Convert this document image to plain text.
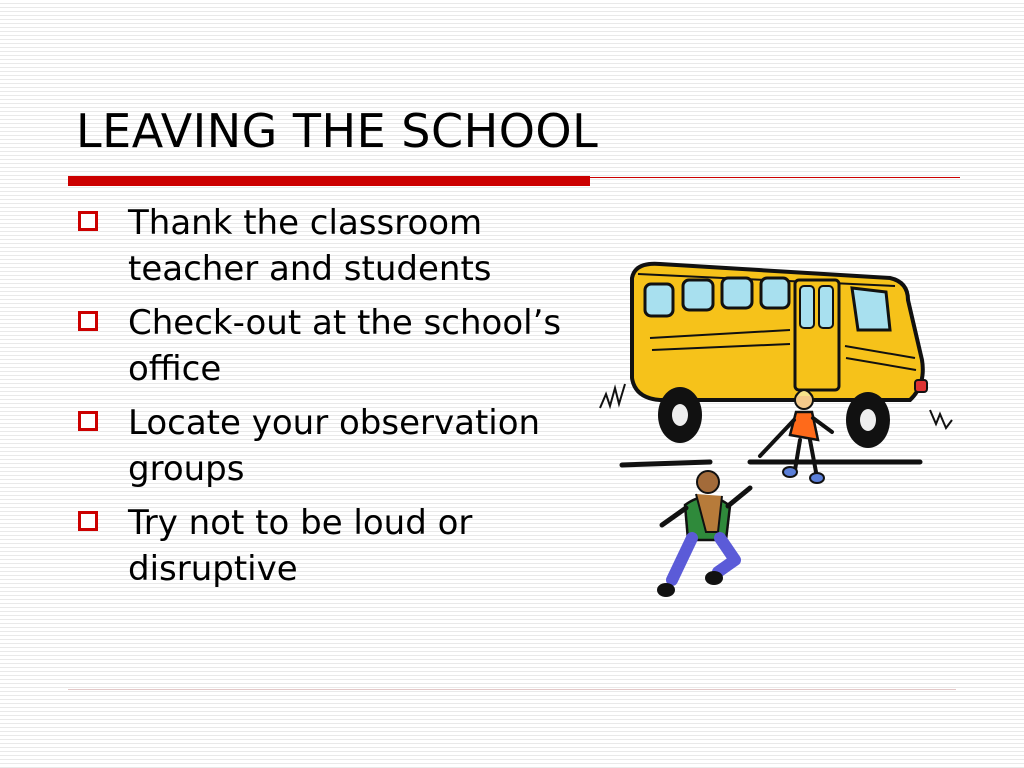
LEAVING THE SCHOOL
Thank the classroom teacher and students
Check-out at the school’s office
Locate your observation groups
Try not to be loud or disruptive
